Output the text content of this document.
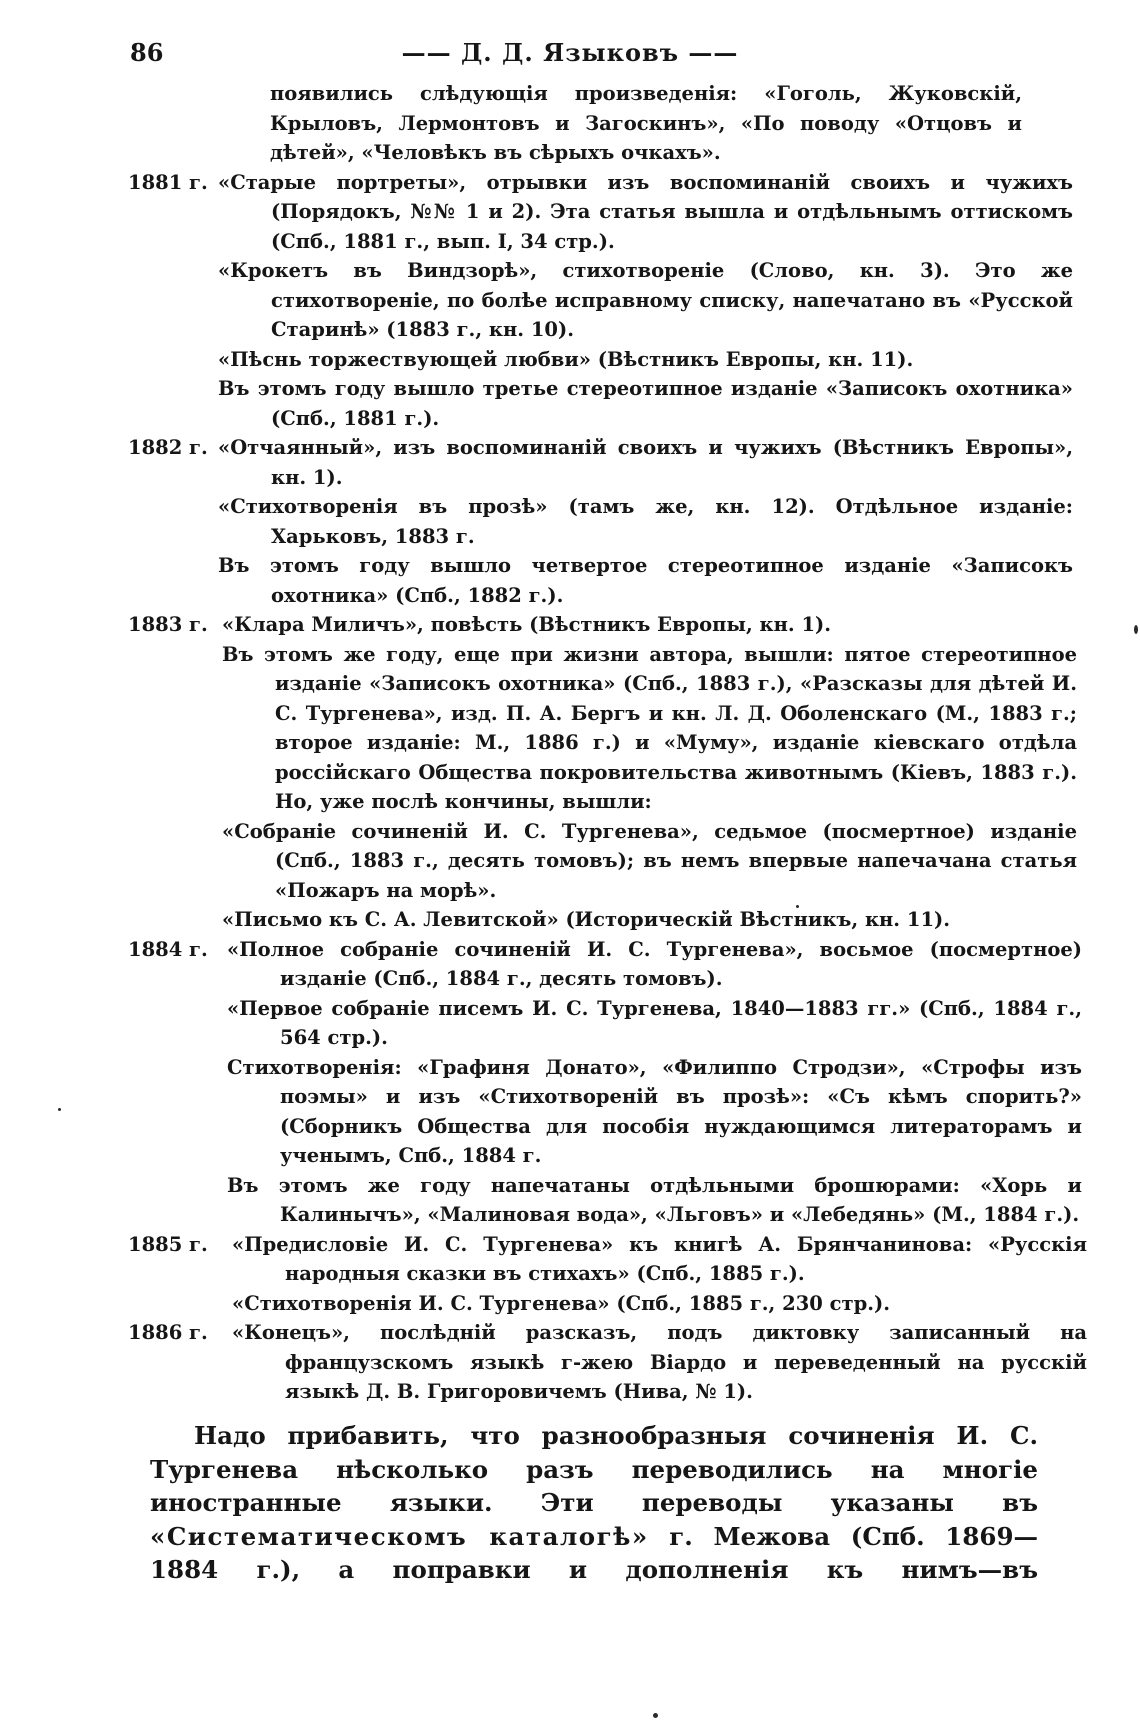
86	—— Д. Д. Языковъ ——

появились слѣдующія произведенія: «Гоголь, Жуковскій, Крыловъ, Лермонтовъ и Загоскинъ», «По поводу «Отцовъ и дѣтей», «Человѣкъ въ сѣрыхъ очкахъ».

1881 г. «Старые портреты», отрывки изъ воспоминаній своихъ и чужихъ (Порядокъ, №№ 1 и 2). Эта статья вышла и отдѣльнымъ оттискомъ (Спб., 1881 г., вып. I, 34 стр.).

«Крокетъ въ Виндзорѣ», стихотвореніе (Слово, кн. 3). Это же стихотвореніе, по болѣе исправному списку, напечатано въ «Русской Старинѣ» (1883 г., кн. 10).

«Пѣснь торжествующей любви» (Вѣстникъ Европы, кн. 11).

Въ этомъ году вышло третье стереотипное изданіе «Записокъ охотника» (Спб., 1881 г.).

1882 г. «Отчаянный», изъ воспоминаній своихъ и чужихъ (Вѣстникъ Европы», кн. 1).

«Стихотворенія въ прозѣ» (тамъ же, кн. 12). Отдѣльное изданіе: Харьковъ, 1883 г.

Въ этомъ году вышло четвертое стереотипное изданіе «Записокъ охотника» (Спб., 1882 г.).

1883 г. «Клара Миличъ», повѣсть (Вѣстникъ Европы, кн. 1).

Въ этомъ же году, еще при жизни автора, вышли: пятое стереотипное изданіе «Записокъ охотника» (Спб., 1883 г.), «Разсказы для дѣтей И. С. Тургенева», изд. П. А. Бергъ и кн. Л. Д. Оболенскаго (М., 1883 г.; второе изданіе: М., 1886 г.) и «Муму», изданіе кіевскаго отдѣла россійскаго Общества покровительства животнымъ (Кіевъ, 1883 г.). Но, уже послѣ кончины, вышли:

«Собраніе сочиненій И. С. Тургенева», седьмое (посмертное) изданіе (Спб., 1883 г., десять томовъ); въ немъ впервые напечачана статья «Пожаръ на морѣ».

«Письмо къ С. А. Левитской» (Историческій Вѣстникъ, кн. 11).

1884 г. «Полное собраніе сочиненій И. С. Тургенева», восьмое (посмертное) изданіе (Спб., 1884 г., десять томовъ).

«Первое собраніе писемъ И. С. Тургенева, 1840—1883 гг.» (Спб., 1884 г., 564 стр.).

Стихотворенія: «Графиня Донато», «Филиппо Стродзи», «Строфы изъ поэмы» и изъ «Стихотвореній въ прозѣ»: «Съ кѣмъ спорить?» (Сборникъ Общества для пособія нуждающимся литераторамъ и ученымъ, Спб., 1884 г.

Въ этомъ же году напечатаны отдѣльными брошюрами: «Хорь и Калинычъ», «Малиновая вода», «Льговъ» и «Лебедянь» (М., 1884 г.).

1885 г. «Предисловіе И. С. Тургенева» къ книгѣ А. Брянчанинова: «Русскія народныя сказки въ стихахъ» (Спб., 1885 г.).

«Стихотворенія И. С. Тургенева» (Спб., 1885 г., 230 стр.).

1886 г. «Конецъ», послѣдній разсказъ, подъ диктовку записанный на французскомъ языкѣ г-жею Віардо и переведенный на русскій языкѣ Д. В. Григоровичемъ (Нива, № 1).

Надо прибавить, что разнообразныя сочиненія И. С. Тургенева нѣсколько разъ переводились на многіе иностранные языки. Эти переводы указаны въ «Систематическомъ каталогѣ» г. Межова (Спб. 1869—1884 г.), а поправки и дополненія къ нимъ—въ
